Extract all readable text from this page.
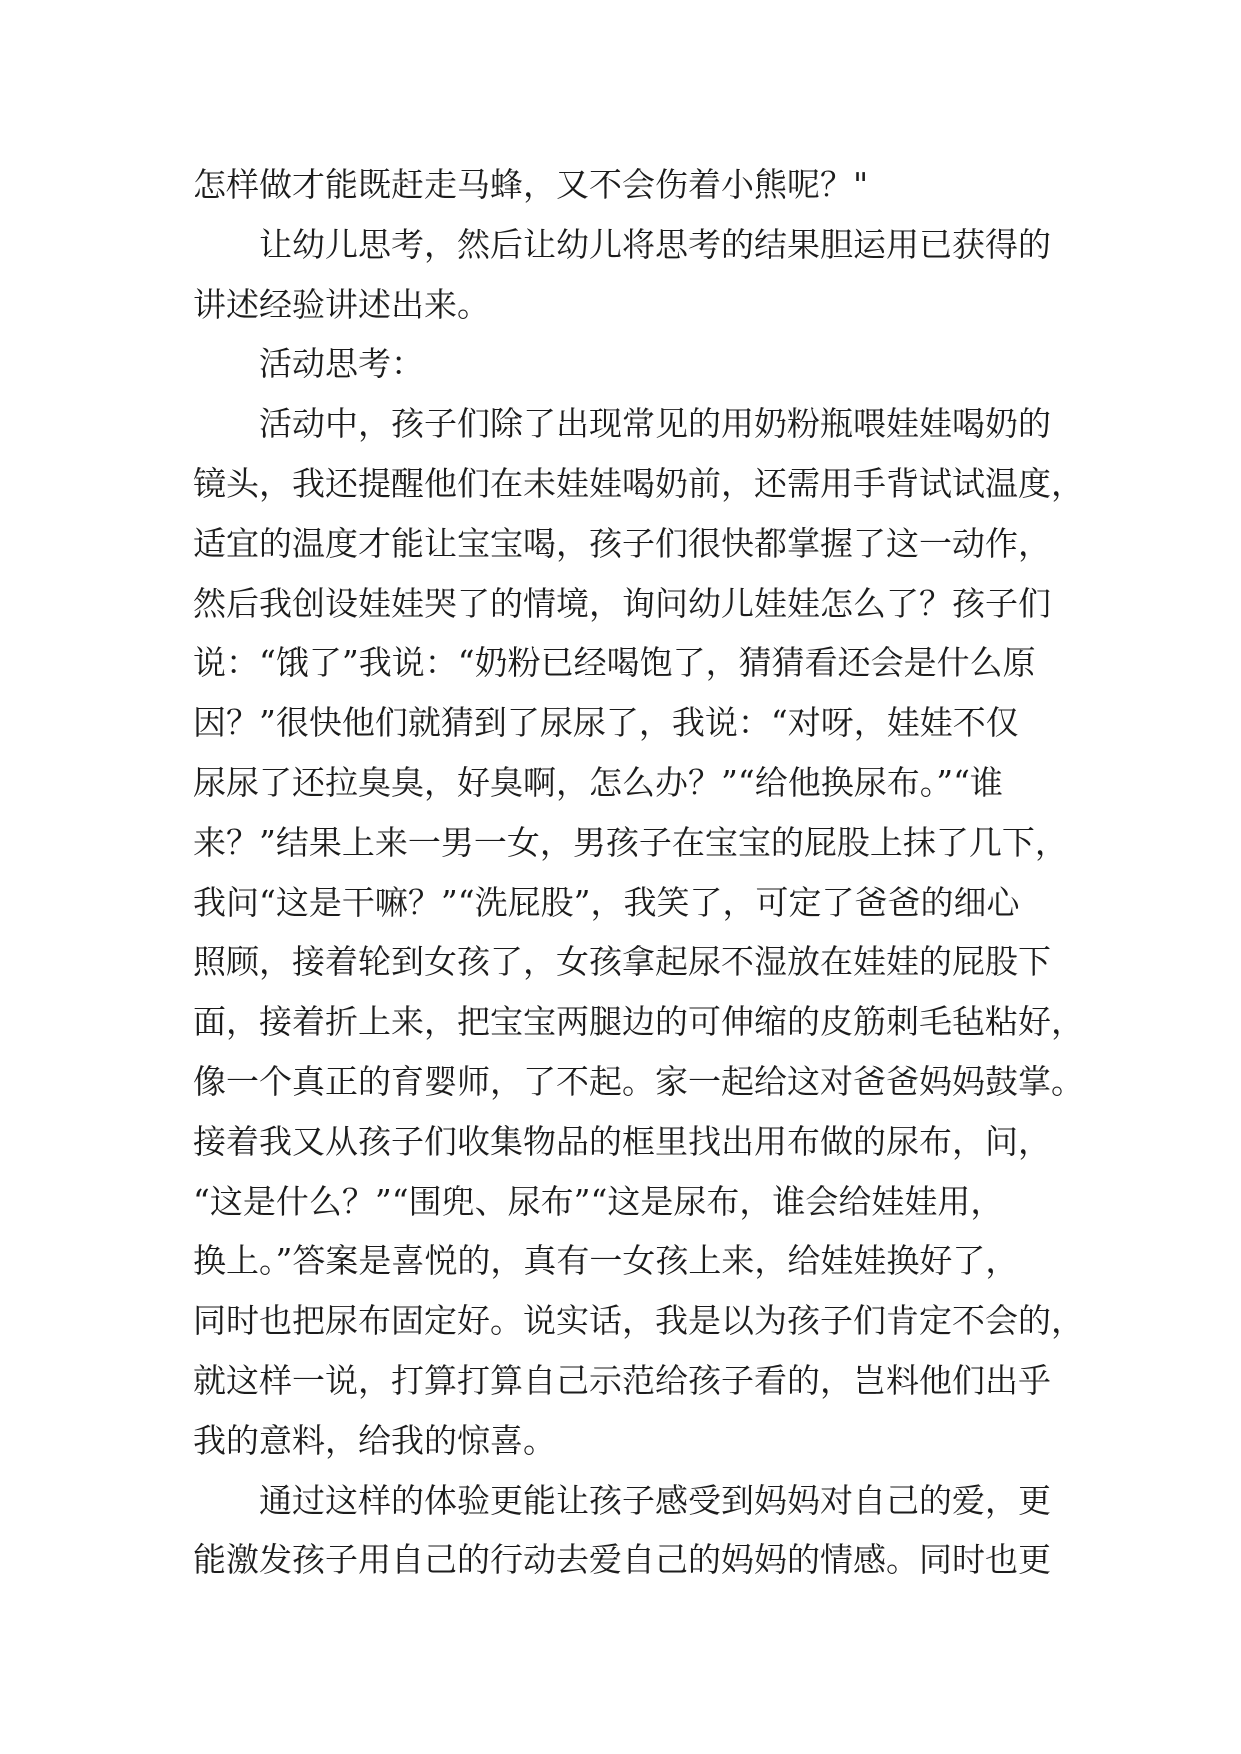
怎样做才能既赶走马蜂，又不会伤着小熊呢？"
让幼儿思考，然后让幼儿将思考的结果胆运用已获得的
讲述经验讲述出来。
活动思考：
活动中，孩子们除了出现常见的用奶粉瓶喂娃娃喝奶的
镜头，我还提醒他们在未娃娃喝奶前，还需用手背试试温度，
适宜的温度才能让宝宝喝，孩子们很快都掌握了这一动作，
然后我创设娃娃哭了的情境，询问幼儿娃娃怎么了？孩子们
说：“饿了”我说：“奶粉已经喝饱了，猜猜看还会是什么原
因？”很快他们就猜到了尿尿了，我说：“对呀，娃娃不仅
尿尿了还拉臭臭，好臭啊，怎么办？”“给他换尿布。”“谁
来？”结果上来一男一女，男孩子在宝宝的屁股上抹了几下，
我问“这是干嘛？”“洗屁股”，我笑了，可定了爸爸的细心
照顾，接着轮到女孩了，女孩拿起尿不湿放在娃娃的屁股下
面，接着折上来，把宝宝两腿边的可伸缩的皮筋刺毛毡粘好，
像一个真正的育婴师，了不起。家一起给这对爸爸妈妈鼓掌。
接着我又从孩子们收集物品的框里找出用布做的尿布，问，
“这是什么？”“围兜、尿布”“这是尿布，谁会给娃娃用，
换上。”答案是喜悦的，真有一女孩上来，给娃娃换好了，
同时也把尿布固定好。说实话，我是以为孩子们肯定不会的，
就这样一说，打算打算自己示范给孩子看的，岂料他们出乎
我的意料，给我的惊喜。
通过这样的体验更能让孩子感受到妈妈对自己的爱，更
能激发孩子用自己的行动去爱自己的妈妈的情感。同时也更
